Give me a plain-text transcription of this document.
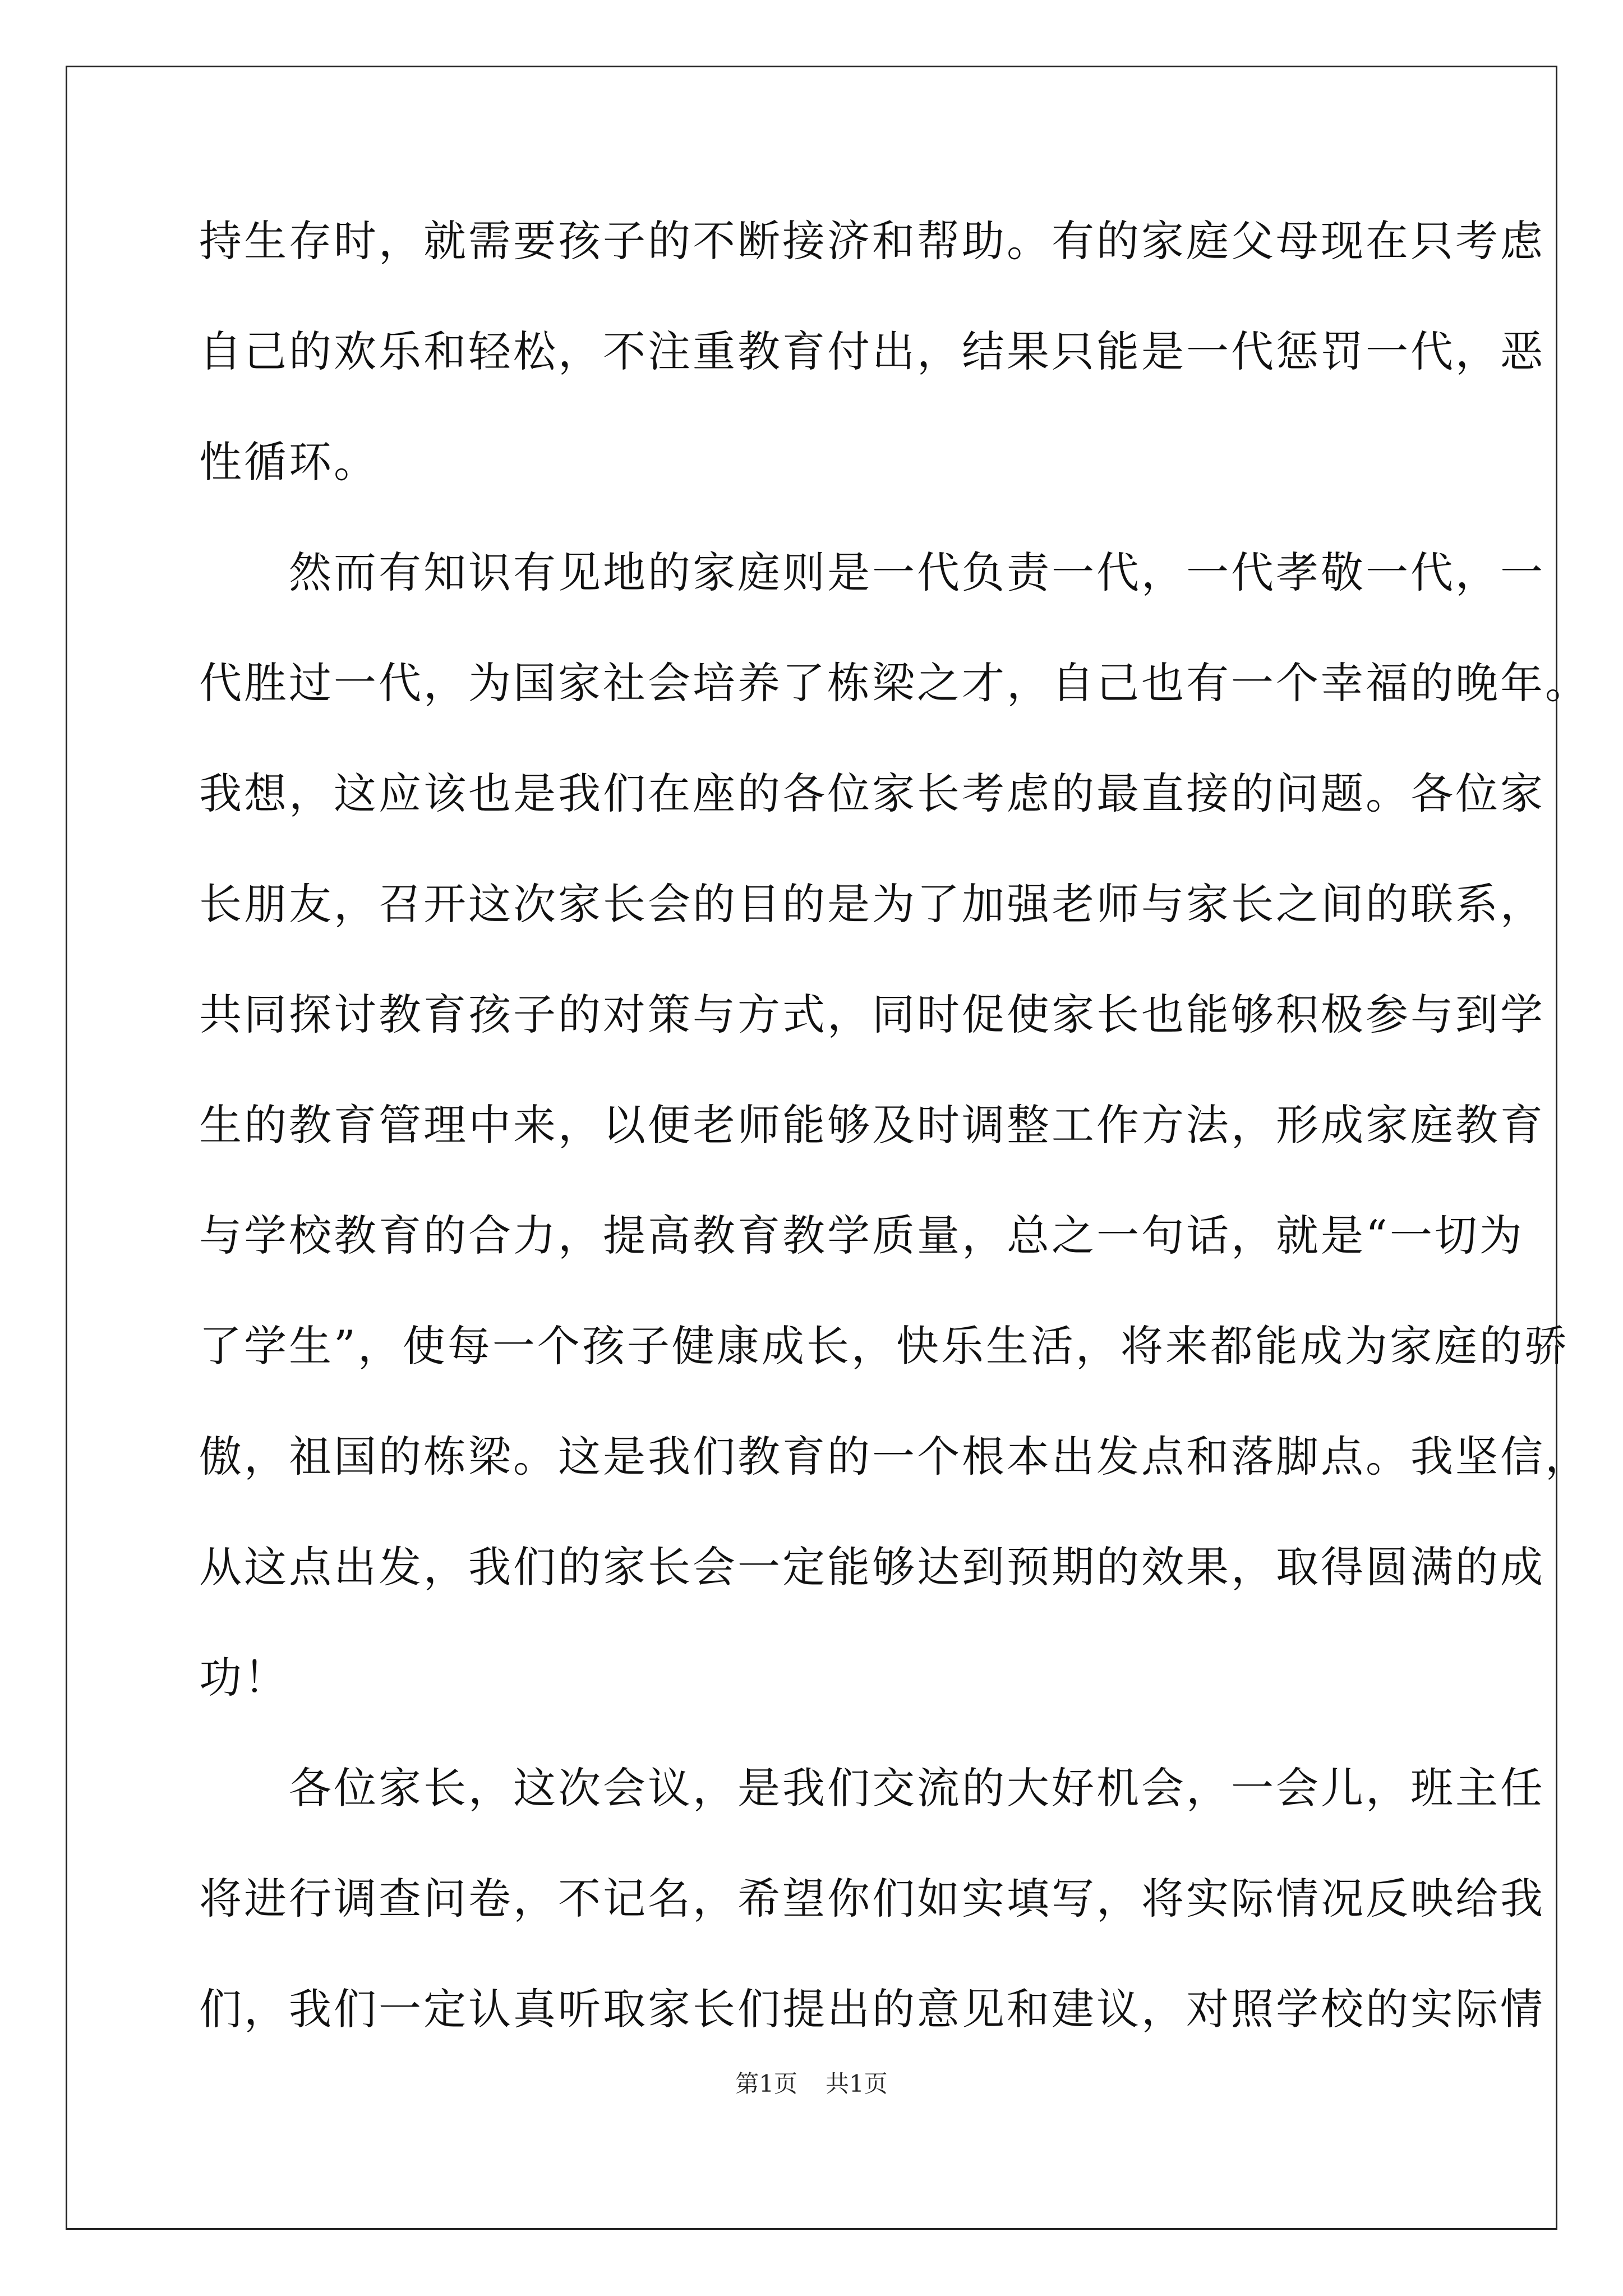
持生存时，就需要孩子的不断接济和帮助。有的家庭父母现在只考虑
自己的欢乐和轻松，不注重教育付出，结果只能是一代惩罚一代，恶
性循环。
　　然而有知识有见地的家庭则是一代负责一代，一代孝敬一代，一
代胜过一代，为国家社会培养了栋梁之才，自己也有一个幸福的晚年。
我想，这应该也是我们在座的各位家长考虑的最直接的问题。各位家
长朋友，召开这次家长会的目的是为了加强老师与家长之间的联系，
共同探讨教育孩子的对策与方式，同时促使家长也能够积极参与到学
生的教育管理中来，以便老师能够及时调整工作方法，形成家庭教育
与学校教育的合力，提高教育教学质量，总之一句话，就是“一切为
了学生”，使每一个孩子健康成长，快乐生活，将来都能成为家庭的骄
傲，祖国的栋梁。这是我们教育的一个根本出发点和落脚点。我坚信，
从这点出发，我们的家长会一定能够达到预期的效果，取得圆满的成
功！
　　各位家长，这次会议，是我们交流的大好机会，一会儿，班主任
将进行调查问卷，不记名，希望你们如实填写，将实际情况反映给我
们，我们一定认真听取家长们提出的意见和建议，对照学校的实际情
第1页 共1页
